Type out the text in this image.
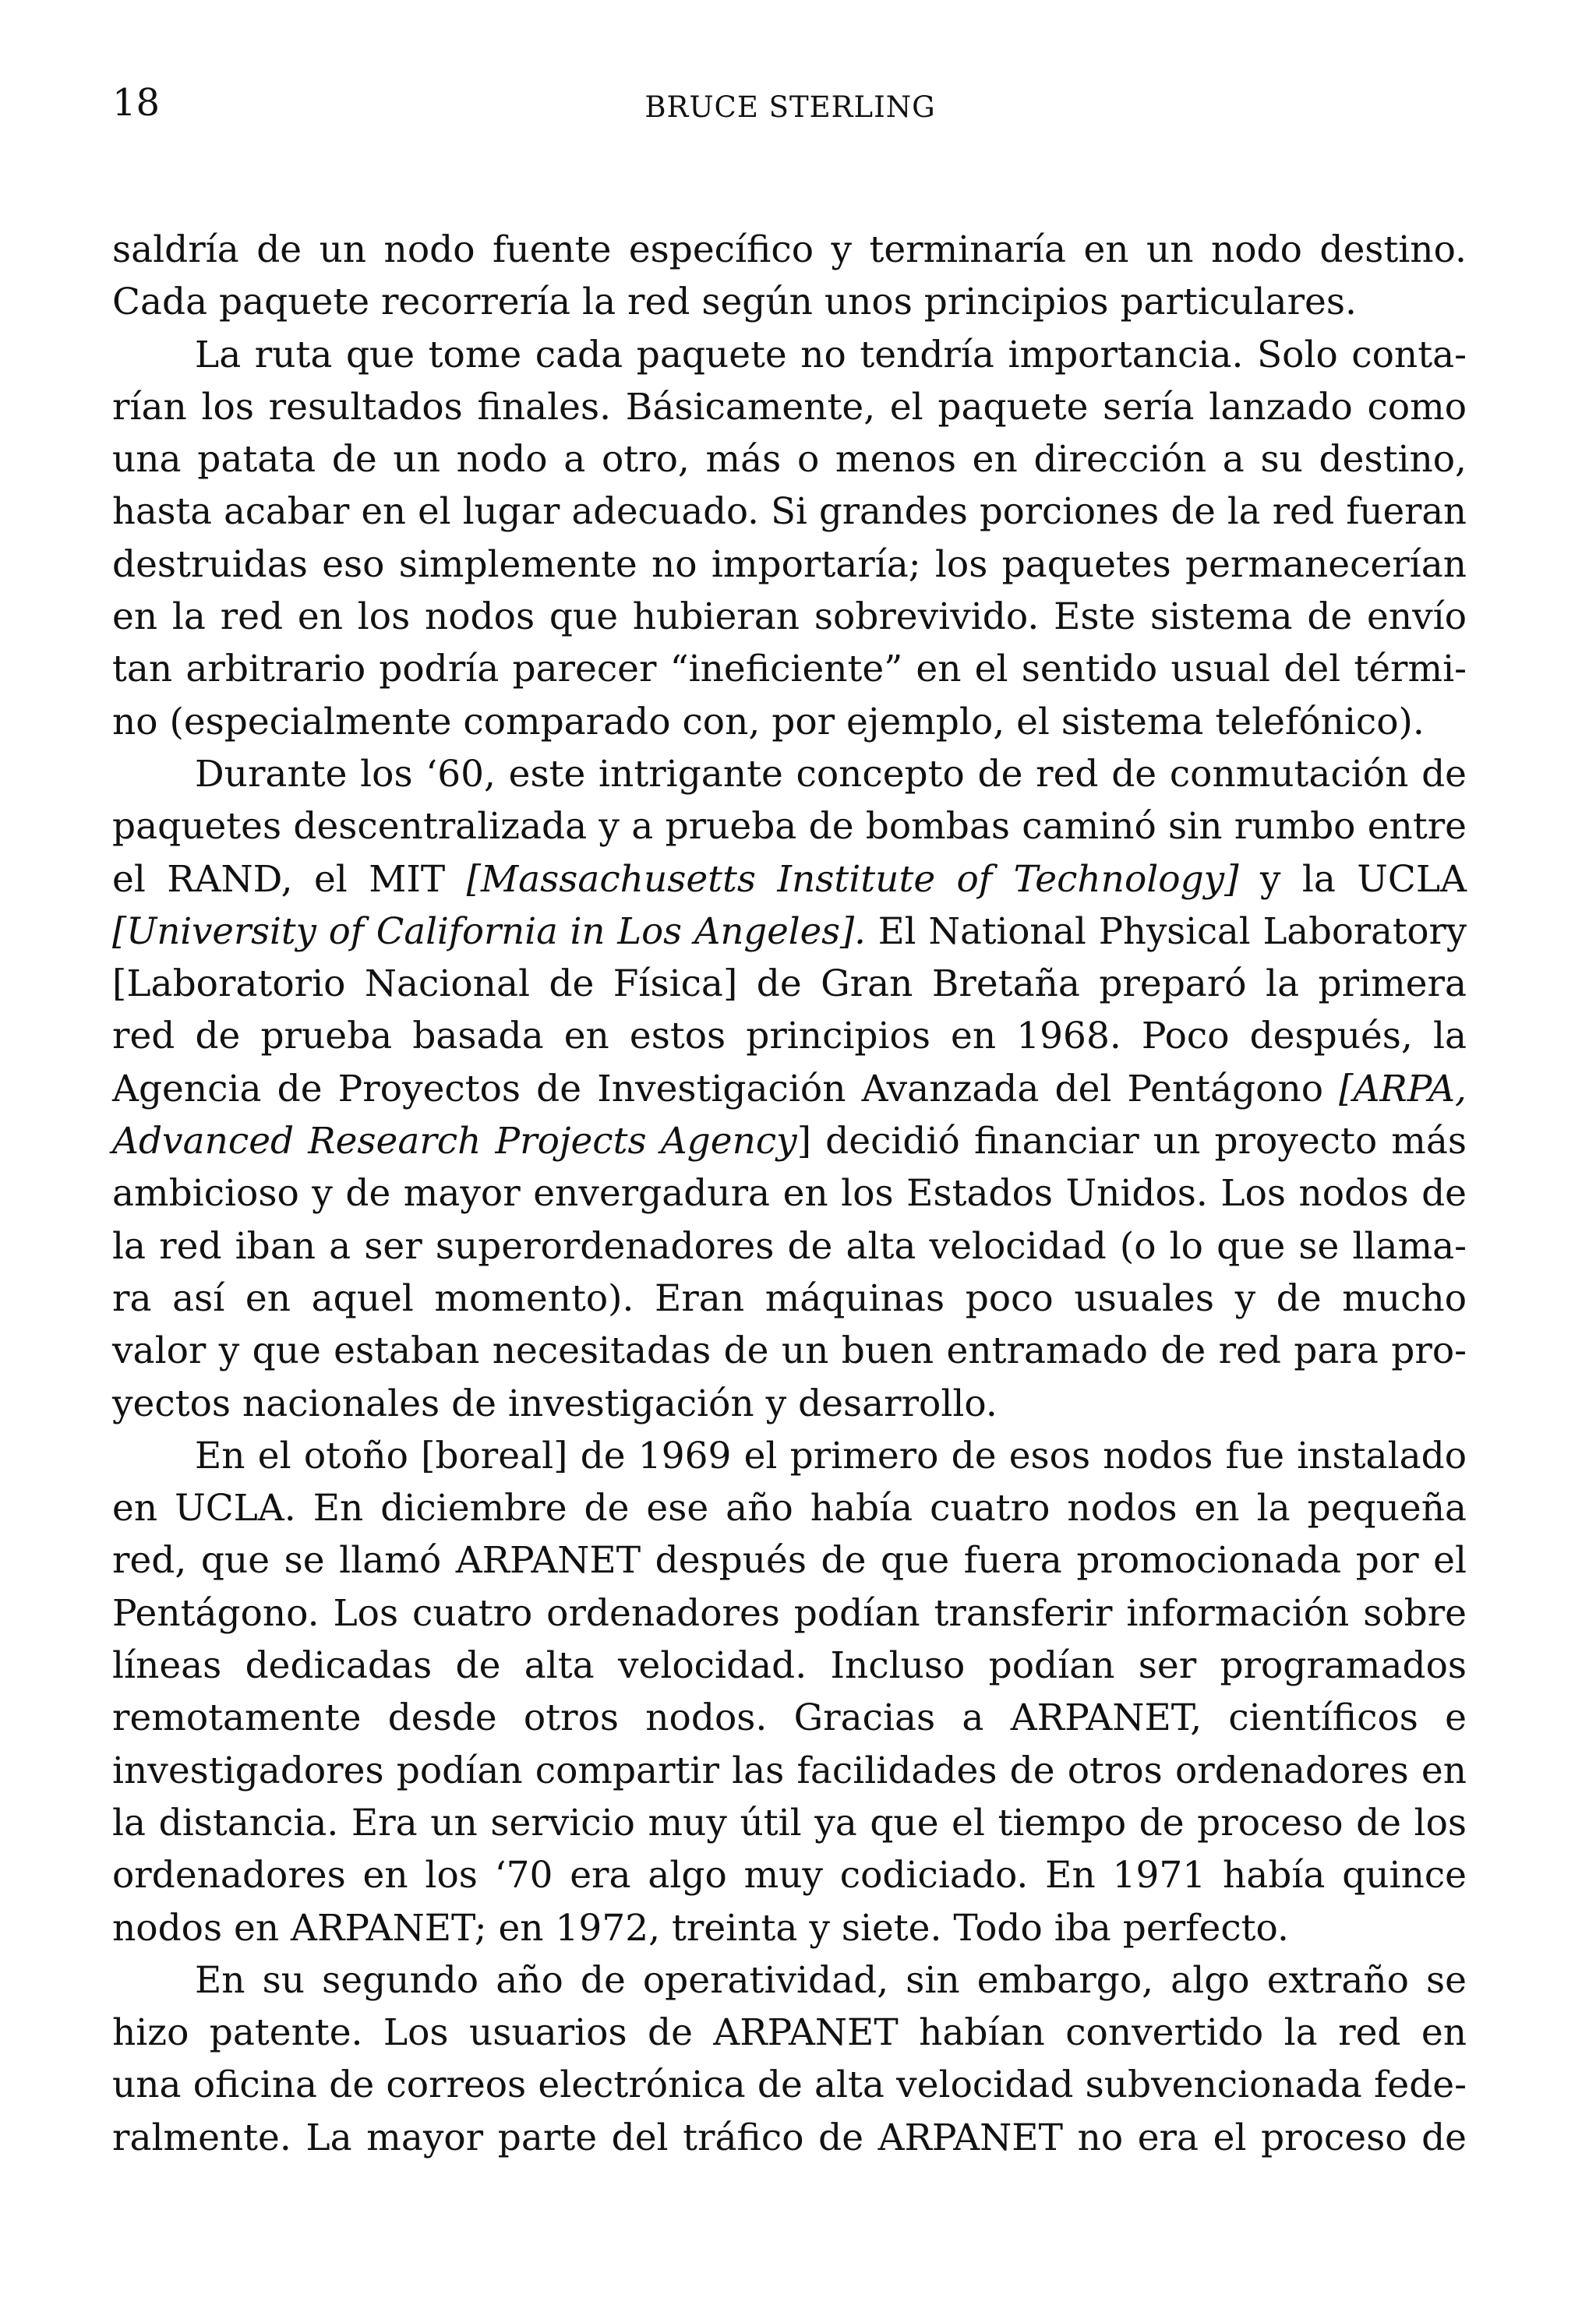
18	BRUCE STERLING
saldría de un nodo fuente específico y terminaría en un nodo destino.
Cada paquete recorrería la red según unos principios particulares.
La ruta que tome cada paquete no tendría importancia. Solo conta-
rían los resultados finales. Básicamente, el paquete sería lanzado como
una patata de un nodo a otro, más o menos en dirección a su destino,
hasta acabar en el lugar adecuado. Si grandes porciones de la red fueran
destruidas eso simplemente no importaría; los paquetes permanecerían
en la red en los nodos que hubieran sobrevivido. Este sistema de envío
tan arbitrario podría parecer “ineficiente” en el sentido usual del térmi-
no (especialmente comparado con, por ejemplo, el sistema telefónico).
Durante los ‘60, este intrigante concepto de red de conmutación de
paquetes descentralizada y a prueba de bombas caminó sin rumbo entre
el RAND, el MIT [Massachusetts Institute of Technology] y la UCLA
[University of California in Los Angeles]. El National Physical Laboratory
[Laboratorio Nacional de Física] de Gran Bretaña preparó la primera
red de prueba basada en estos principios en 1968. Poco después, la
Agencia de Proyectos de Investigación Avanzada del Pentágono [ARPA,
Advanced Research Projects Agency] decidió financiar un proyecto más
ambicioso y de mayor envergadura en los Estados Unidos. Los nodos de
la red iban a ser superordenadores de alta velocidad (o lo que se llama-
ra así en aquel momento). Eran máquinas poco usuales y de mucho
valor y que estaban necesitadas de un buen entramado de red para pro-
yectos nacionales de investigación y desarrollo.
En el otoño [boreal] de 1969 el primero de esos nodos fue instalado
en UCLA. En diciembre de ese año había cuatro nodos en la pequeña
red, que se llamó ARPANET después de que fuera promocionada por el
Pentágono. Los cuatro ordenadores podían transferir información sobre
líneas dedicadas de alta velocidad. Incluso podían ser programados
remotamente desde otros nodos. Gracias a ARPANET, científicos e
investigadores podían compartir las facilidades de otros ordenadores en
la distancia. Era un servicio muy útil ya que el tiempo de proceso de los
ordenadores en los ‘70 era algo muy codiciado. En 1971 había quince
nodos en ARPANET; en 1972, treinta y siete. Todo iba perfecto.
En su segundo año de operatividad, sin embargo, algo extraño se
hizo patente. Los usuarios de ARPANET habían convertido la red en
una oficina de correos electrónica de alta velocidad subvencionada fede-
ralmente. La mayor parte del tráfico de ARPANET no era el proceso de
